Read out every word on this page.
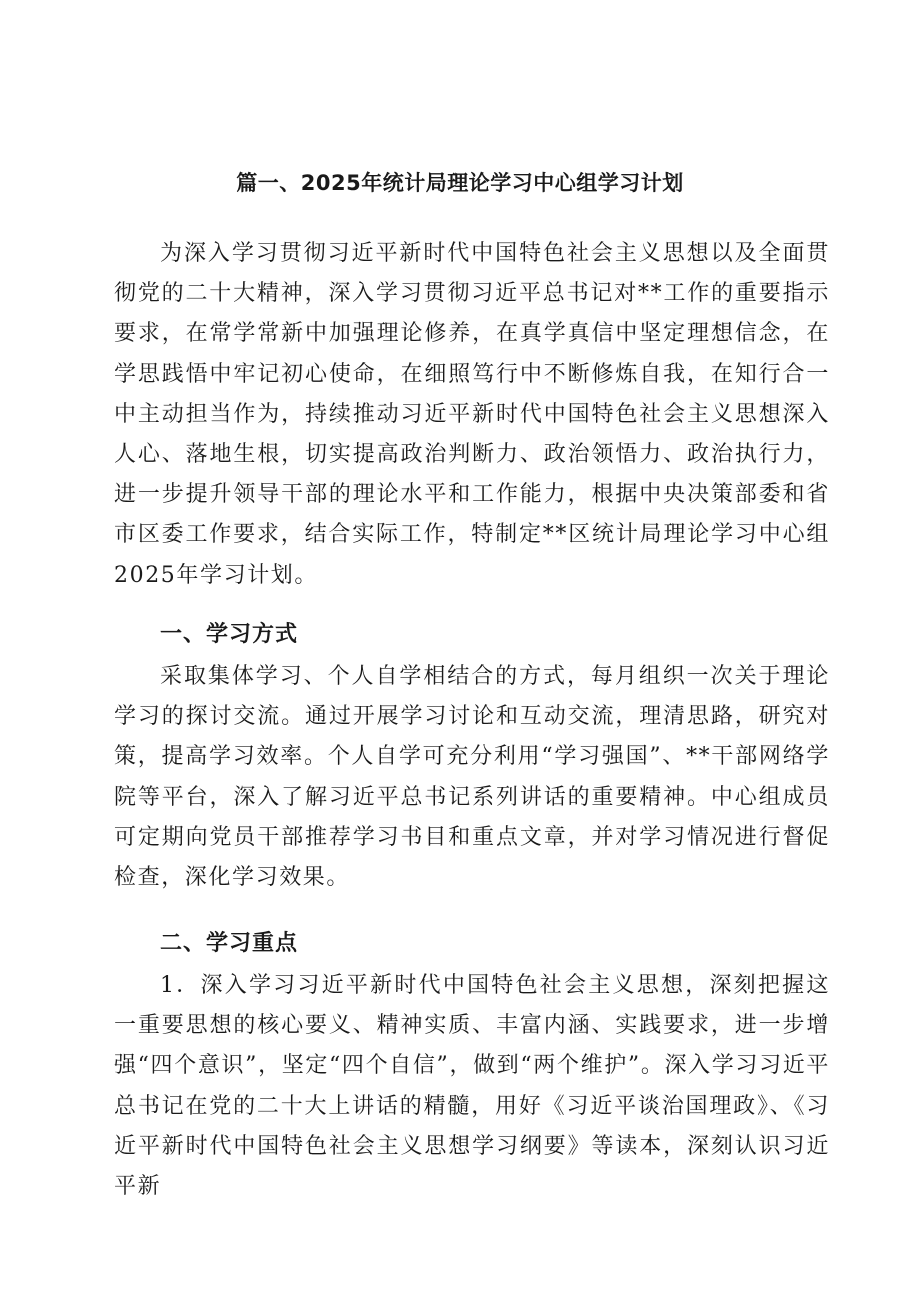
篇一、2025年统计局理论学习中心组学习计划

为深入学习贯彻习近平新时代中国特色社会主义思想以及全面贯彻党的二十大精神，深入学习贯彻习近平总书记对**工作的重要指示要求，在常学常新中加强理论修养，在真学真信中坚定理想信念，在学思践悟中牢记初心使命，在细照笃行中不断修炼自我，在知行合一中主动担当作为，持续推动习近平新时代中国特色社会主义思想深入人心、落地生根，切实提高政治判断力、政治领悟力、政治执行力，进一步提升领导干部的理论水平和工作能力，根据中央决策部委和省市区委工作要求，结合实际工作，特制定**区统计局理论学习中心组2025年学习计划。

一、学习方式

采取集体学习、个人自学相结合的方式，每月组织一次关于理论学习的探讨交流。通过开展学习讨论和互动交流，理清思路，研究对策，提高学习效率。个人自学可充分利用“学习强国”、**干部网络学院等平台，深入了解习近平总书记系列讲话的重要精神。中心组成员可定期向党员干部推荐学习书目和重点文章，并对学习情况进行督促检查，深化学习效果。

二、学习重点

1．深入学习习近平新时代中国特色社会主义思想，深刻把握这一重要思想的核心要义、精神实质、丰富内涵、实践要求，进一步增强“四个意识”，坚定“四个自信”，做到“两个维护”。深入学习习近平总书记在党的二十大上讲话的精髓，用好《习近平谈治国理政》、《习近平新时代中国特色社会主义思想学习纲要》等读本，深刻认识习近平新
